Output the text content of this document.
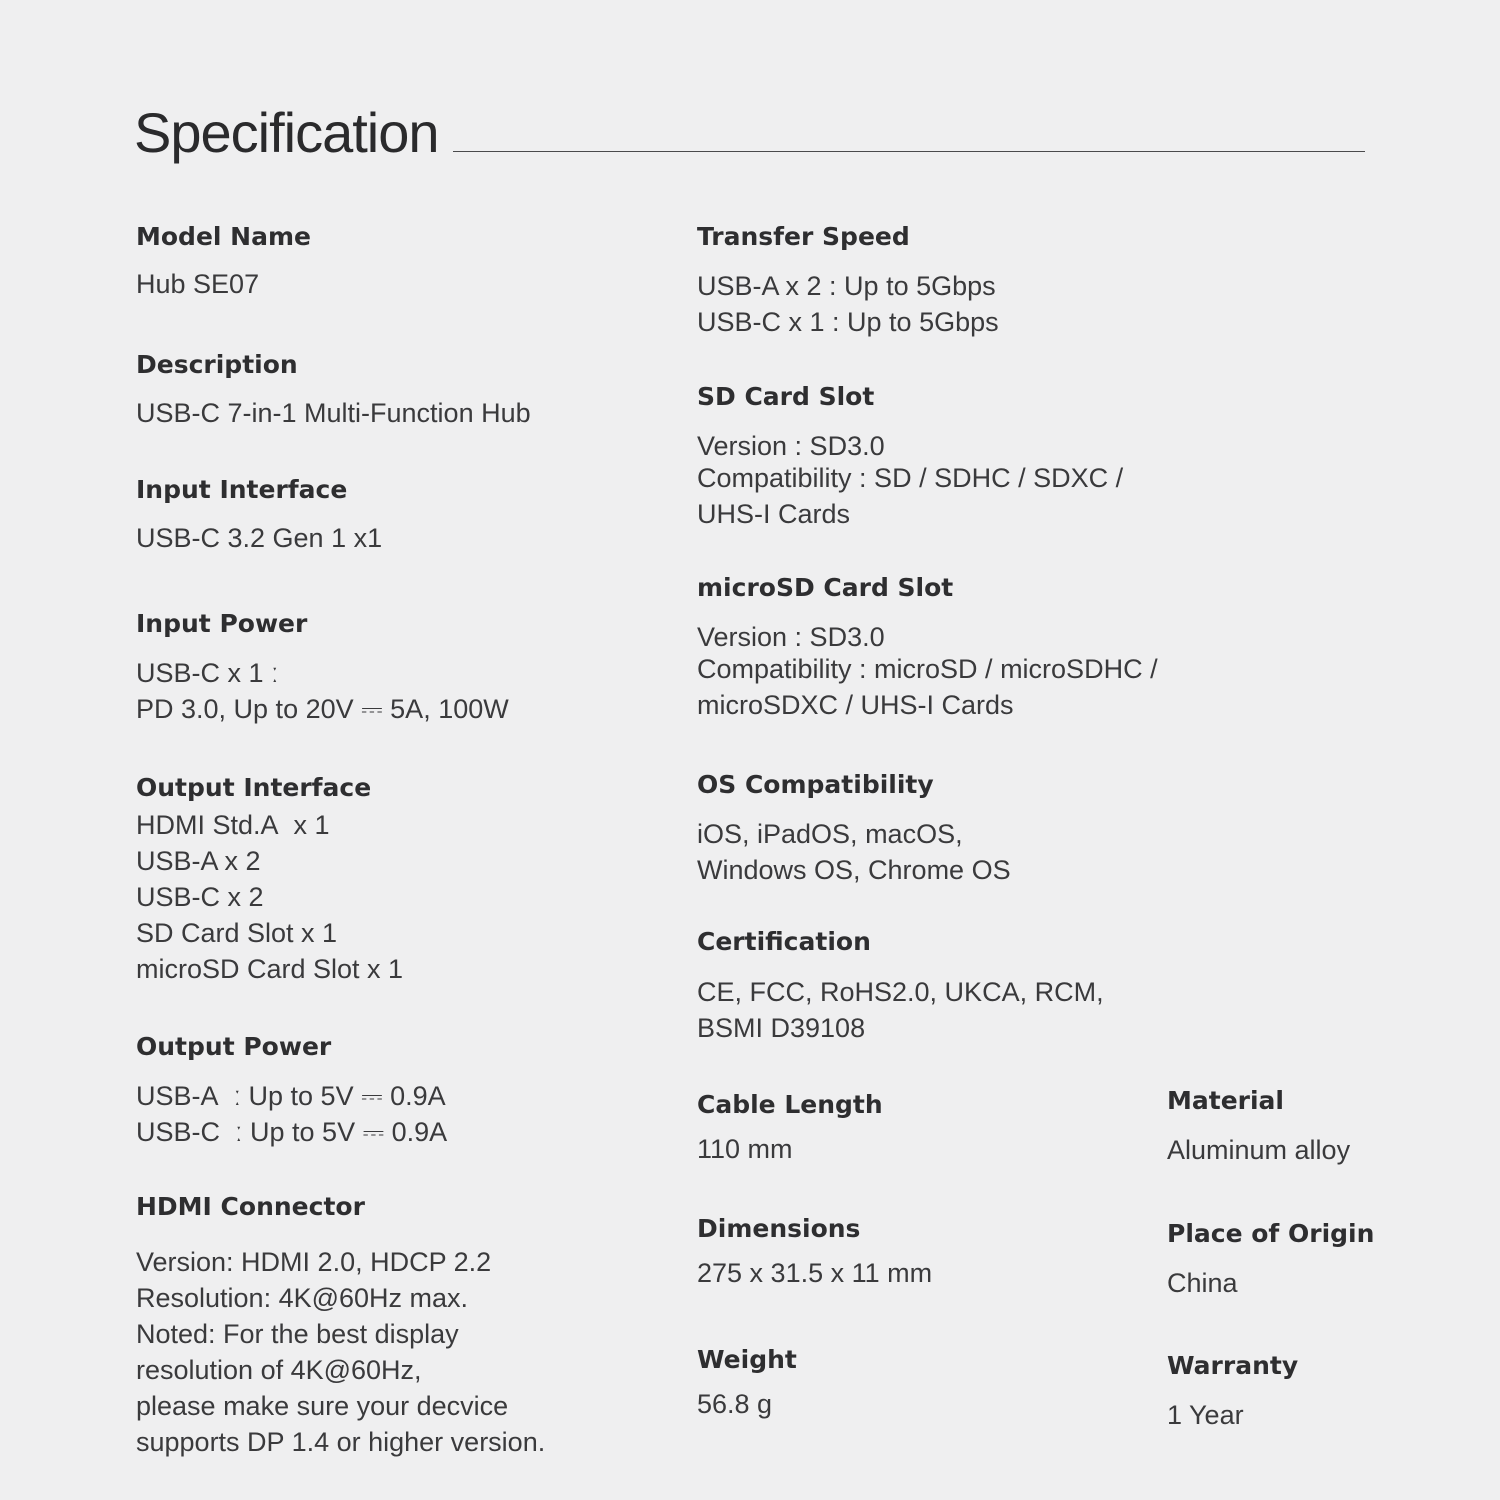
Specification
Model Name
Hub SE07
Description
USB-C 7-in-1 Multi-Function Hub
Input Interface
USB-C 3.2 Gen 1 x1
Input Power
USB-C x 1 ː
PD 3.0, Up to 20V ⎓ 5A, 100W
Output Interface
HDMI Std.A  x 1
USB-A x 2
USB-C x 2
SD Card Slot x 1
microSD Card Slot x 1
Output Power
USB-A  ː Up to 5V ⎓ 0.9A
USB-C  ː Up to 5V ⎓ 0.9A
HDMI Connector
Version: HDMI 2.0, HDCP 2.2
Resolution: 4K@60Hz max.
Noted: For the best display
resolution of 4K@60Hz,
please make sure your decvice
supports DP 1.4 or higher version.
Transfer Speed
USB-A x 2 : Up to 5Gbps
USB-C x 1 : Up to 5Gbps
SD Card Slot
Version : SD3.0
Compatibility : SD / SDHC / SDXC /
UHS-I Cards
microSD Card Slot
Version : SD3.0
Compatibility : microSD / microSDHC /
microSDXC / UHS-I Cards
OS Compatibility
iOS, iPadOS, macOS,
Windows OS, Chrome OS
Certification
CE, FCC, RoHS2.0, UKCA, RCM,
BSMI D39108
Cable Length
110 mm
Dimensions
275 x 31.5 x 11 mm
Weight
56.8 g
Material
Aluminum alloy
Place of Origin
China
Warranty
1 Year
